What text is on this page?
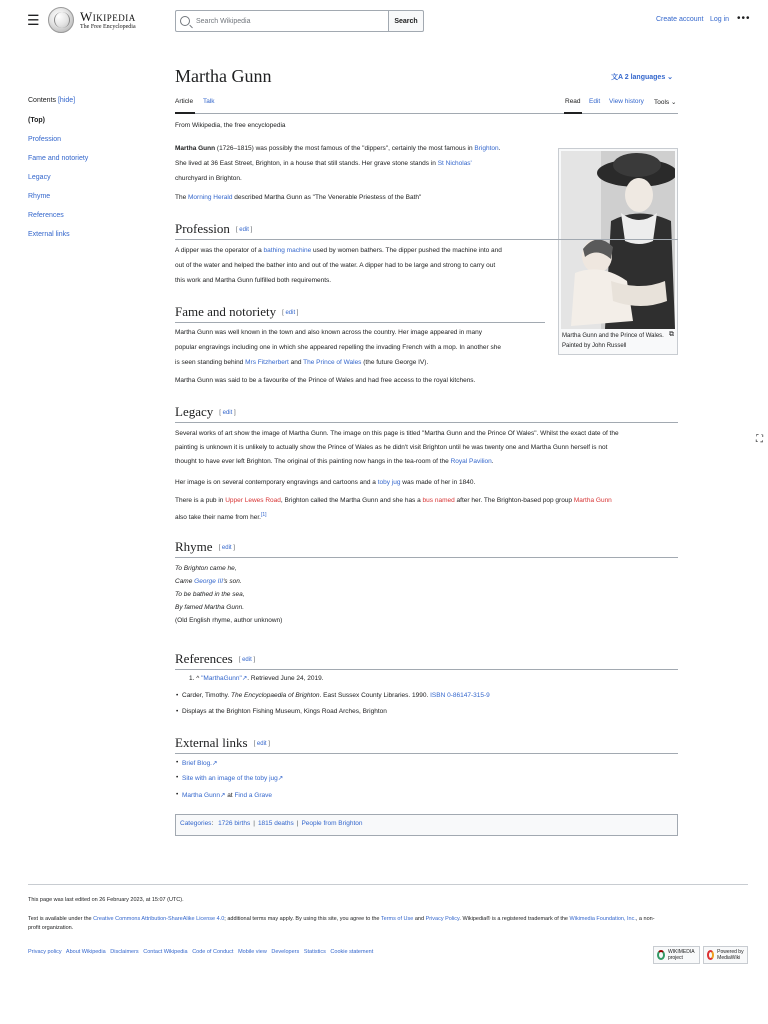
☰	Wikipedia
The Free Encyclopedia
Search Wikipedia	Search	Create account Log in •••
Contents [hide]
(Top)
Profession
Fame and notoriety
Legacy
Rhyme
References
External links
Martha Gunn	文A 2 languages ⌄
Article Talk	Read Edit View history Tools ⌄
From Wikipedia, the free encyclopedia
Martha Gunn (1726–1815) was possibly the most famous of the "dippers", certainly the most famous in Brighton.
She lived at 36 East Street, Brighton, in a house that still stands. Her grave stone stands in St Nicholas'
churchyard in Brighton.
The Morning Herald described Martha Gunn as "The Venerable Priestess of the Bath"
Martha Gunn and the Prince of Wales. Painted by John Russell
⧉
Profession [ edit ]
A dipper was the operator of a bathing machine used by women bathers. The dipper pushed the machine into and
out of the water and helped the bather into and out of the water. A dipper had to be large and strong to carry out
this work and Martha Gunn fulfilled both requirements.
Fame and notoriety [ edit ]
Martha Gunn was well known in the town and also known across the country. Her image appeared in many
popular engravings including one in which she appeared repelling the invading French with a mop. In another she
is seen standing behind Mrs Fitzherbert and The Prince of Wales (the future George IV).
Martha Gunn was said to be a favourite of the Prince of Wales and had free access to the royal kitchens.
Legacy [ edit ]
Several works of art show the image of Martha Gunn. The image on this page is titled "Martha Gunn and the Prince Of Wales". Whilst the exact date of the
painting is unknown it is unlikely to actually show the Prince of Wales as he didn't visit Brighton until he was twenty one and Martha Gunn herself is not
thought to have ever left Brighton. The original of this painting now hangs in the tea-room of the Royal Pavilion.
Her image is on several contemporary engravings and cartoons and a toby jug was made of her in 1840.
There is a pub in Upper Lewes Road, Brighton called the Martha Gunn and she has a bus named after her. The Brighton-based pop group Martha Gunn
also take their name from her.[1]
Rhyme [ edit ]
To Brighton came he,
Came George III's son.
To be bathed in the sea,
By famed Martha Gunn.
(Old English rhyme, author unknown)
References [ edit ]
1. ^ "MarthaGunn"↗. Retrieved June 24, 2019.
• Carder, Timothy. The Encyclopaedia of Brighton. East Sussex County Libraries. 1990. ISBN 0-86147-315-9
• Displays at the Brighton Fishing Museum, Kings Road Arches, Brighton
External links [ edit ]
• Brief Blog.↗
• Site with an image of the toby jug↗
• Martha Gunn↗ at Find a Grave
Categories: 1726 births | 1815 deaths | People from Brighton
This page was last edited on 26 February 2023, at 15:07 (UTC).
Text is available under the Creative Commons Attribution-ShareAlike License 4.0; additional terms may apply. By using this site, you agree to the Terms of Use and Privacy Policy. Wikipedia® is a registered trademark of the Wikimedia Foundation, Inc., a non-
profit organization.
Privacy policy About Wikipedia Disclaimers Contact Wikipedia Code of Conduct Mobile view Developers Statistics Cookie statement	WIKIMEDIA project
Powered by MediaWiki
⛶
